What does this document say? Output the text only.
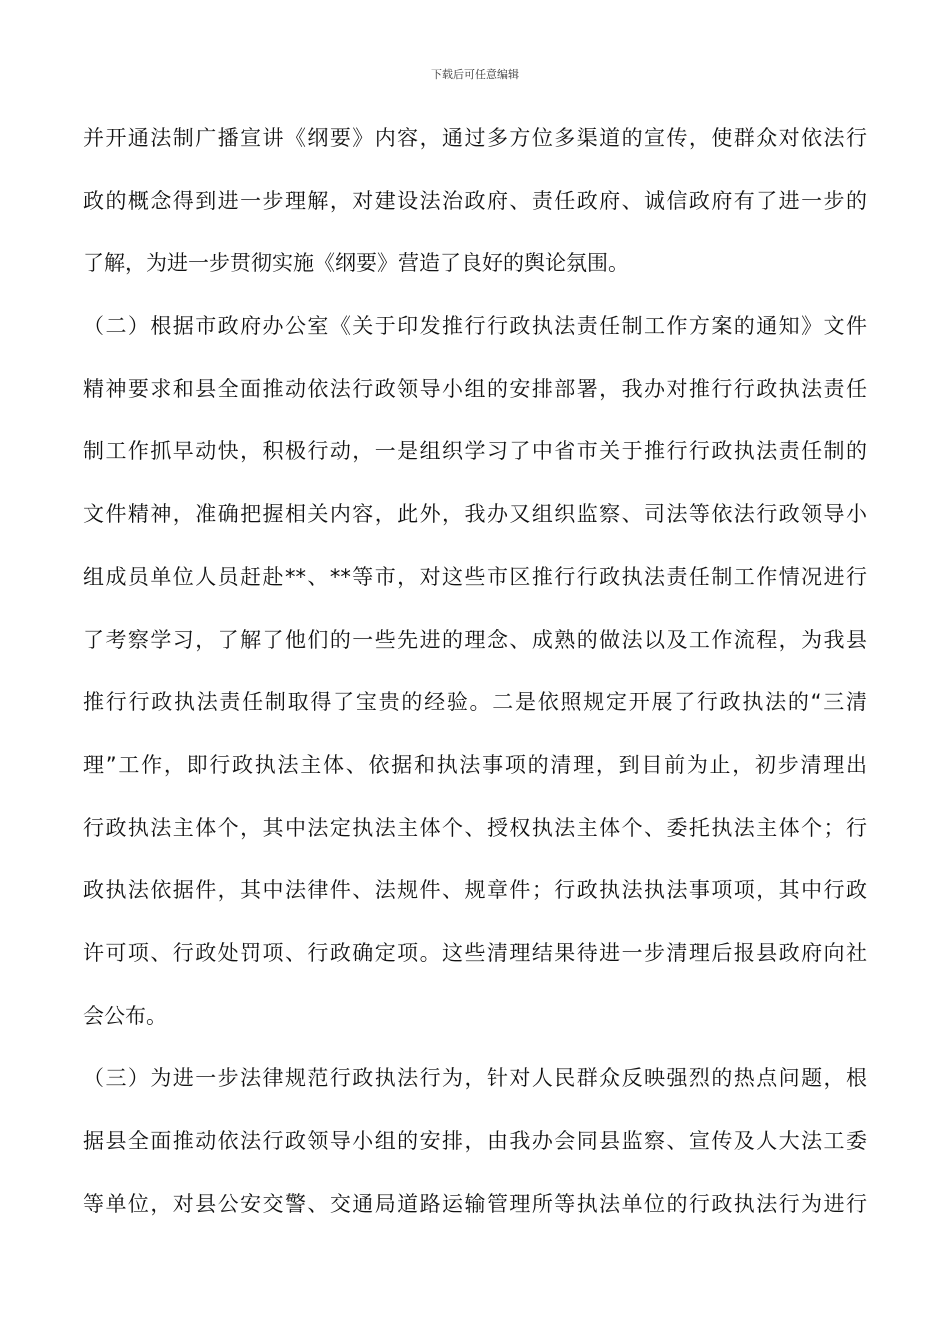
下载后可任意编辑
并开通法制广播宣讲《纲要》内容，通过多方位多渠道的宣传，使群众对依法行
政的概念得到进一步理解，对建设法治政府、责任政府、诚信政府有了进一步的
了解，为进一步贯彻实施《纲要》营造了良好的舆论氛围。
（二）根据市政府办公室《关于印发推行行政执法责任制工作方案的通知》文件
精神要求和县全面推动依法行政领导小组的安排部署，我办对推行行政执法责任
制工作抓早动快，积极行动，一是组织学习了中省市关于推行行政执法责任制的
文件精神，准确把握相关内容，此外，我办又组织监察、司法等依法行政领导小
组成员单位人员赶赴**、**等市，对这些市区推行行政执法责任制工作情况进行
了考察学习，了解了他们的一些先进的理念、成熟的做法以及工作流程，为我县
推行行政执法责任制取得了宝贵的经验。二是依照规定开展了行政执法的“三清
理”工作，即行政执法主体、依据和执法事项的清理，到目前为止，初步清理出
行政执法主体个，其中法定执法主体个、授权执法主体个、委托执法主体个；行
政执法依据件，其中法律件、法规件、规章件；行政执法执法事项项，其中行政
许可项、行政处罚项、行政确定项。这些清理结果待进一步清理后报县政府向社
会公布。
（三）为进一步法律规范行政执法行为，针对人民群众反映强烈的热点问题，根
据县全面推动依法行政领导小组的安排，由我办会同县监察、宣传及人大法工委
等单位，对县公安交警、交通局道路运输管理所等执法单位的行政执法行为进行
